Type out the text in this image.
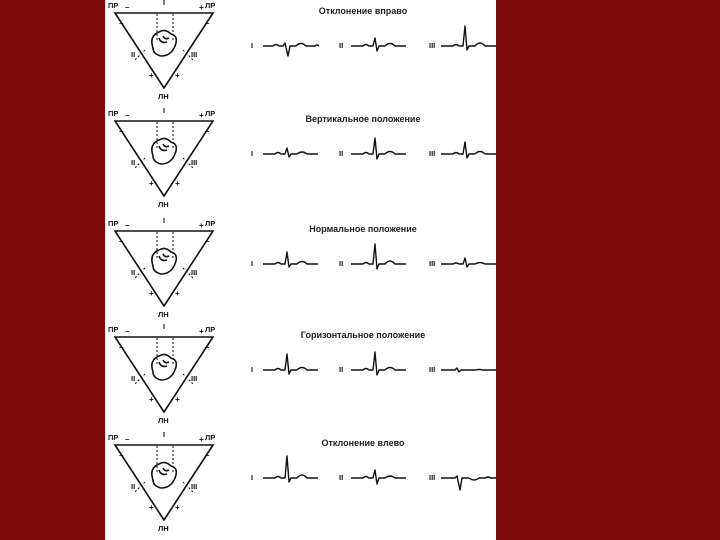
ПР	ЛР
ЛН
I
II	III
–	+
–	–
+	+
Отклонение вправо
I	II	III
ПР	ЛР
ЛН
I
II	III
–	+
–	–
+	+
Вертикальное положение
I	II	III
ПР	ЛР
ЛН
I
II	III
–	+
–	–
+	+
Нормальное положение
I	II	III
ПР	ЛР
ЛН
I
II	III
–	+
–	–
+	+
Горизонтальное положение
I	II	III
ПР	ЛР
ЛН
I
II	III
–	+
–	–
+	+
Отклонение влево
I	II	III
